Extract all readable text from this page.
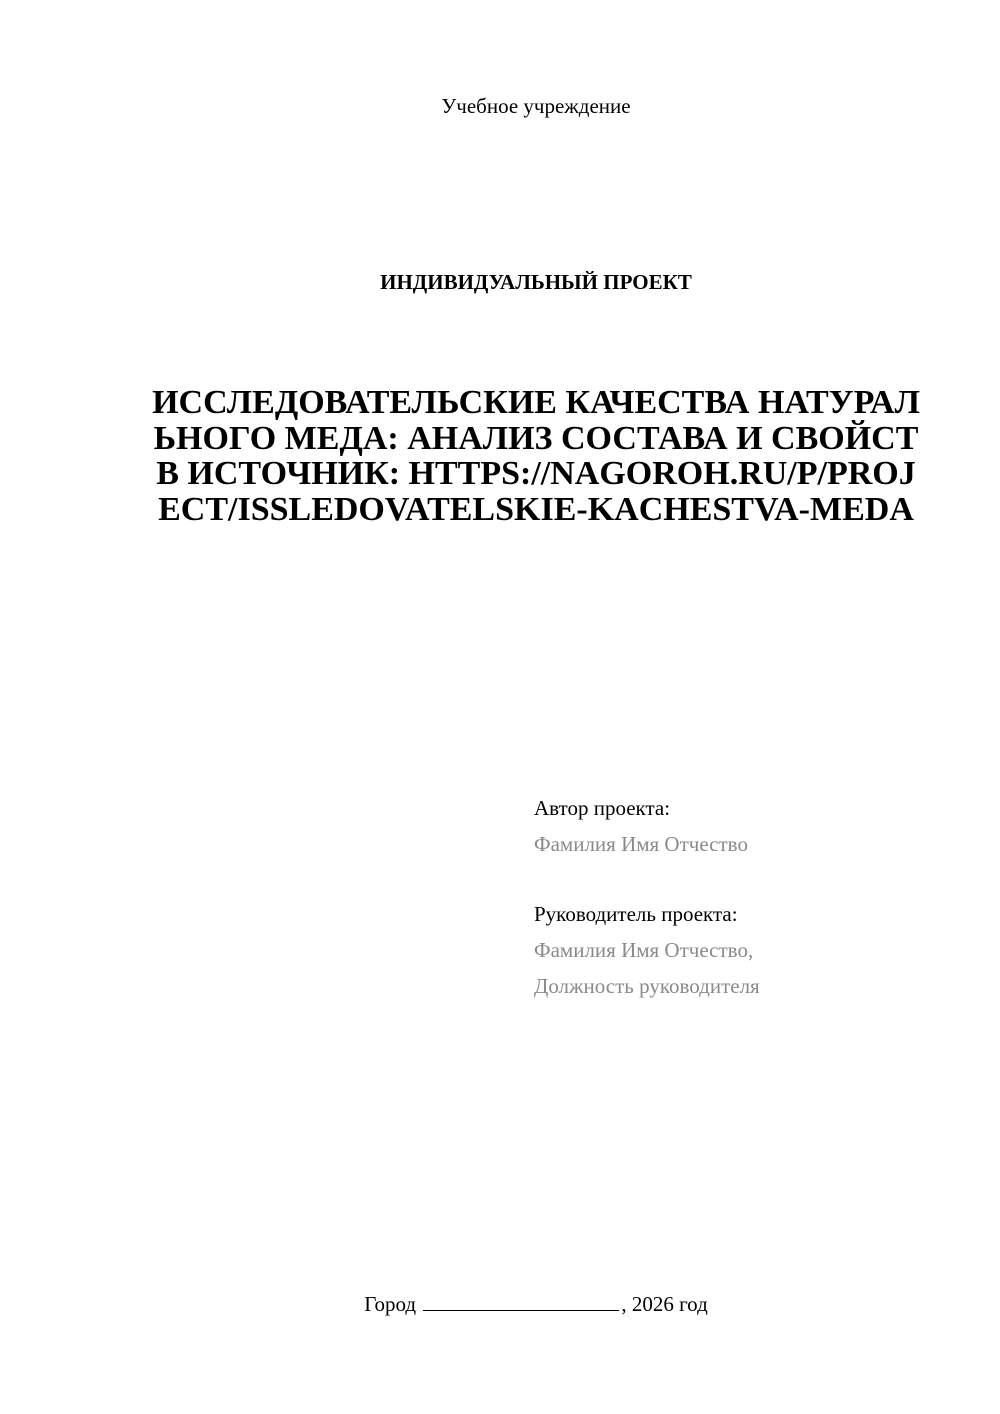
Учебное учреждение
ИНДИВИДУАЛЬНЫЙ ПРОЕКТ
ИССЛЕДОВАТЕЛЬСКИЕ КАЧЕСТВА НАТУРАЛЬНОГО МЕДА: АНАЛИЗ СОСТАВА И СВОЙСТВ ИСТОЧНИК: HTTPS://NAGOROH.RU/P/PROJECT/ISSLEDOVATELSKIE-KACHESTVA-MEDA
Автор проекта:
Фамилия Имя Отчество
Руководитель проекта:
Фамилия Имя Отчество,
Должность руководителя
Город	, 2026 год
